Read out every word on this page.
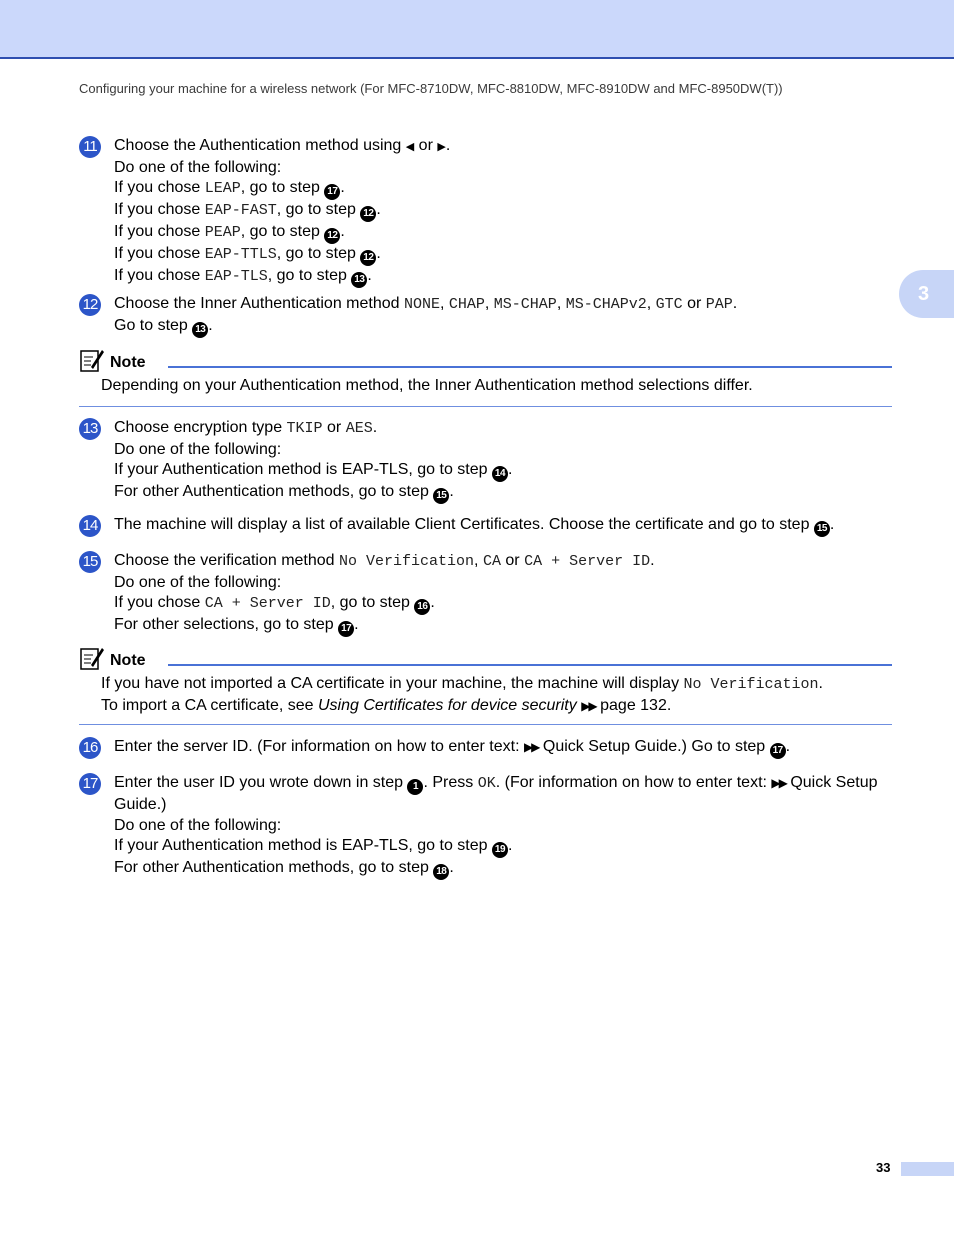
Configuring your machine for a wireless network (For MFC-8710DW, MFC-8810DW, MFC-8910DW and MFC-8950DW(T))
3
11 Choose the Authentication method using ◀ or ▶.
Do one of the following:
If you chose LEAP, go to step 17 .
If you chose EAP-FAST, go to step 12 .
If you chose PEAP, go to step 12 .
If you chose EAP-TTLS, go to step 12 .
If you chose EAP-TLS, go to step 13 .
12 Choose the Inner Authentication method NONE, CHAP, MS-CHAP, MS-CHAPv2, GTC or PAP.
Go to step 13 .
Note
Depending on your Authentication method, the Inner Authentication method selections differ.
13 Choose encryption type TKIP or AES.
Do one of the following:
If your Authentication method is EAP-TLS, go to step 14 .
For other Authentication methods, go to step 15 .
14 The machine will display a list of available Client Certificates. Choose the certificate and go to step 15 .
15 Choose the verification method No Verification, CA or CA + Server ID.
Do one of the following:
If you chose CA + Server ID, go to step 16 .
For other selections, go to step 17 .
Note
If you have not imported a CA certificate in your machine, the machine will display No Verification.
To import a CA certificate, see Using Certificates for device security ▶▶ page 132.
16 Enter the server ID. (For information on how to enter text: ▶▶ Quick Setup Guide.) Go to step 17 .
17 Enter the user ID you wrote down in step 1 . Press OK. (For information on how to enter text: ▶▶ Quick Setup Guide.)
Do one of the following:
If your Authentication method is EAP-TLS, go to step 19 .
For other Authentication methods, go to step 18 .
33
